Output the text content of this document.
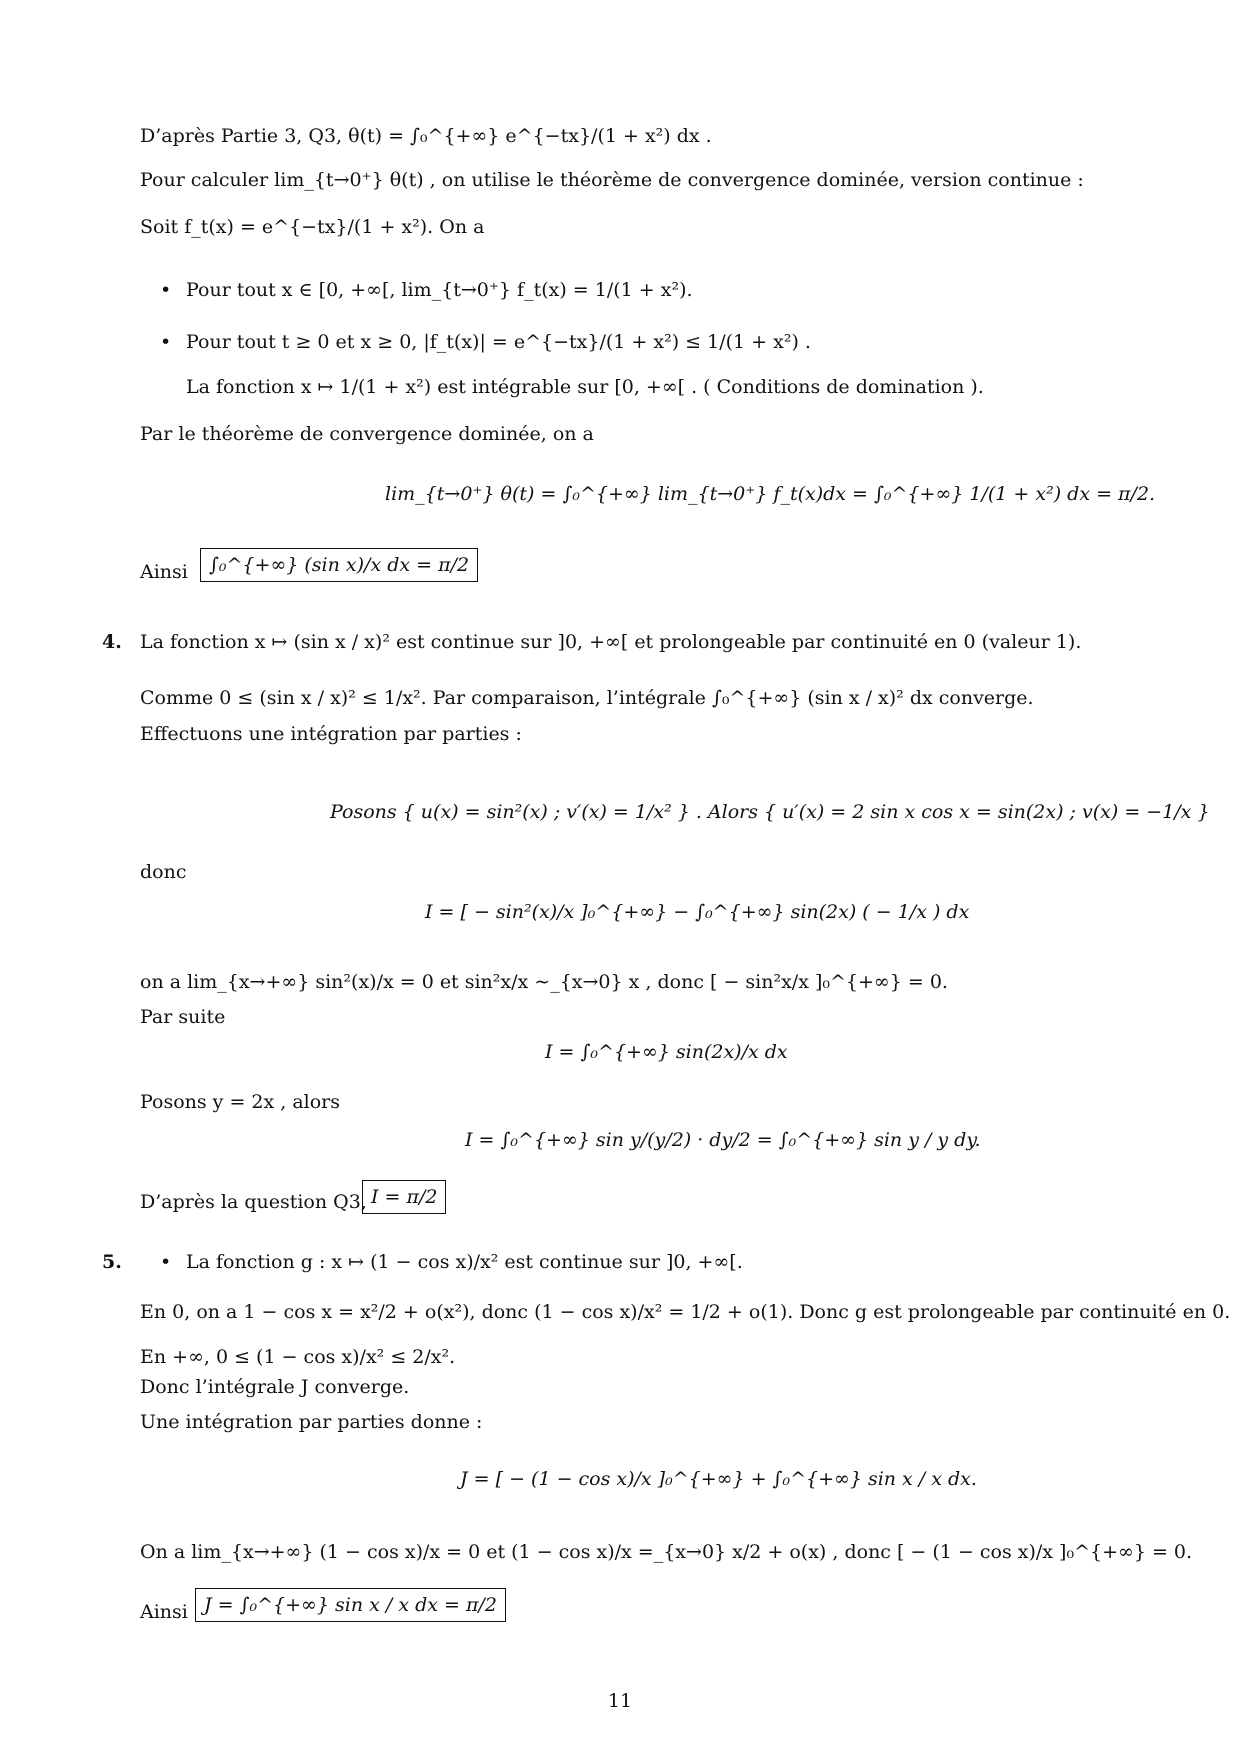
D’après Partie 3, Q3, θ(t) = ∫₀^{+∞} e^{−tx}/(1 + x²) dx .
Pour calculer lim_{t→0⁺} θ(t) , on utilise le théorème de convergence dominée, version continue :
Soit f_t(x) = e^{−tx}/(1 + x²). On a
• Pour tout x ∈ [0, +∞[, lim_{t→0⁺} f_t(x) = 1/(1 + x²).
• Pour tout t ≥ 0 et x ≥ 0, |f_t(x)| = e^{−tx}/(1 + x²) ≤ 1/(1 + x²) .
La fonction x ↦ 1/(1 + x²) est intégrable sur [0, +∞[ . ( Conditions de domination ).
Par le théorème de convergence dominée, on a
lim_{t→0⁺} θ(t) = ∫₀^{+∞} lim_{t→0⁺} f_t(x)dx = ∫₀^{+∞} 1/(1 + x²) dx = π/2.
Ainsi	∫₀^{+∞} (sin x)/x dx = π/2
4. La fonction x ↦ (sin x / x)² est continue sur ]0, +∞[ et prolongeable par continuité en 0 (valeur 1).
Comme 0 ≤ (sin x / x)² ≤ 1/x². Par comparaison, l’intégrale ∫₀^{+∞} (sin x / x)² dx converge.
Effectuons une intégration par parties :
Posons { u(x) = sin²(x) ; v′(x) = 1/x² } . Alors { u′(x) = 2 sin x cos x = sin(2x) ; v(x) = −1/x }
donc
I = [ − sin²(x)/x ]₀^{+∞} − ∫₀^{+∞} sin(2x) ( − 1/x ) dx
on a lim_{x→+∞} sin²(x)/x = 0 et sin²x/x ∼_{x→0} x , donc [ − sin²x/x ]₀^{+∞} = 0.
Par suite
I = ∫₀^{+∞} sin(2x)/x dx
Posons y = 2x , alors
I = ∫₀^{+∞} sin y/(y/2) · dy/2 = ∫₀^{+∞} sin y / y dy.
D’après la question Q3, I = π/2
5.
•	La fonction g : x ↦ (1 − cos x)/x² est continue sur ]0, +∞[.
En 0, on a 1 − cos x = x²/2 + o(x²), donc (1 − cos x)/x² = 1/2 + o(1). Donc g est prolongeable par continuité en 0.
En +∞, 0 ≤ (1 − cos x)/x² ≤ 2/x².
Donc l’intégrale J converge.
Une intégration par parties donne :
J = [ − (1 − cos x)/x ]₀^{+∞} + ∫₀^{+∞} sin x / x dx.
On a lim_{x→+∞} (1 − cos x)/x = 0 et (1 − cos x)/x =_{x→0} x/2 + o(x) , donc [ − (1 − cos x)/x ]₀^{+∞} = 0.
Ainsi J = ∫₀^{+∞} sin x / x dx = π/2
11
